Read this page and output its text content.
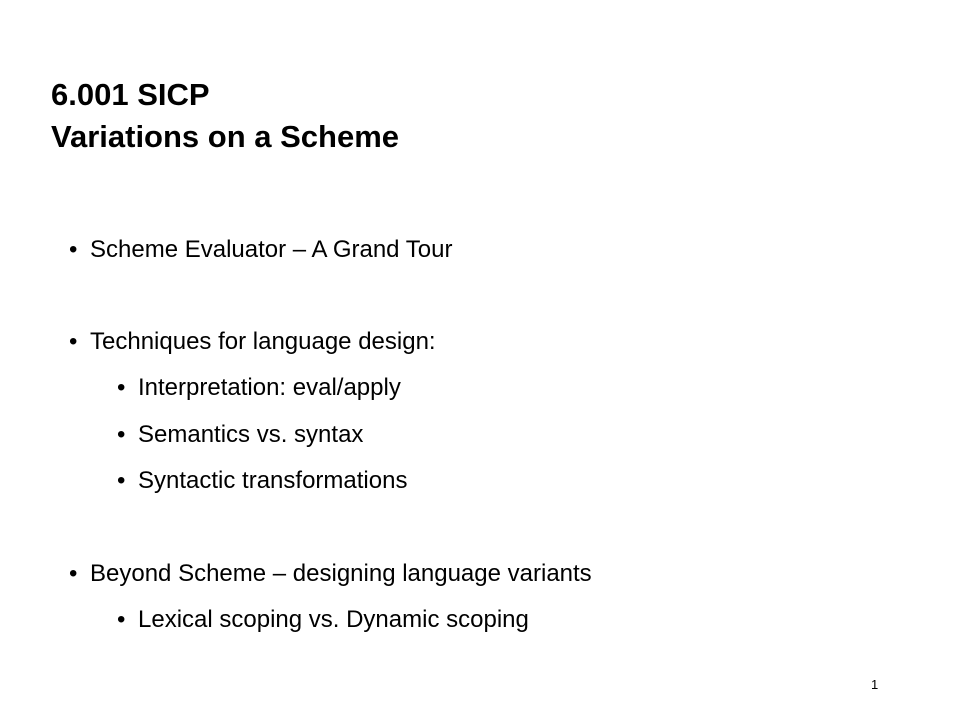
6.001 SICP
Variations on a Scheme
• Scheme Evaluator – A Grand Tour
• Techniques for language design:
• Interpretation: eval/apply
• Semantics vs. syntax
• Syntactic transformations
• Beyond Scheme – designing language variants
• Lexical scoping vs. Dynamic scoping
1
